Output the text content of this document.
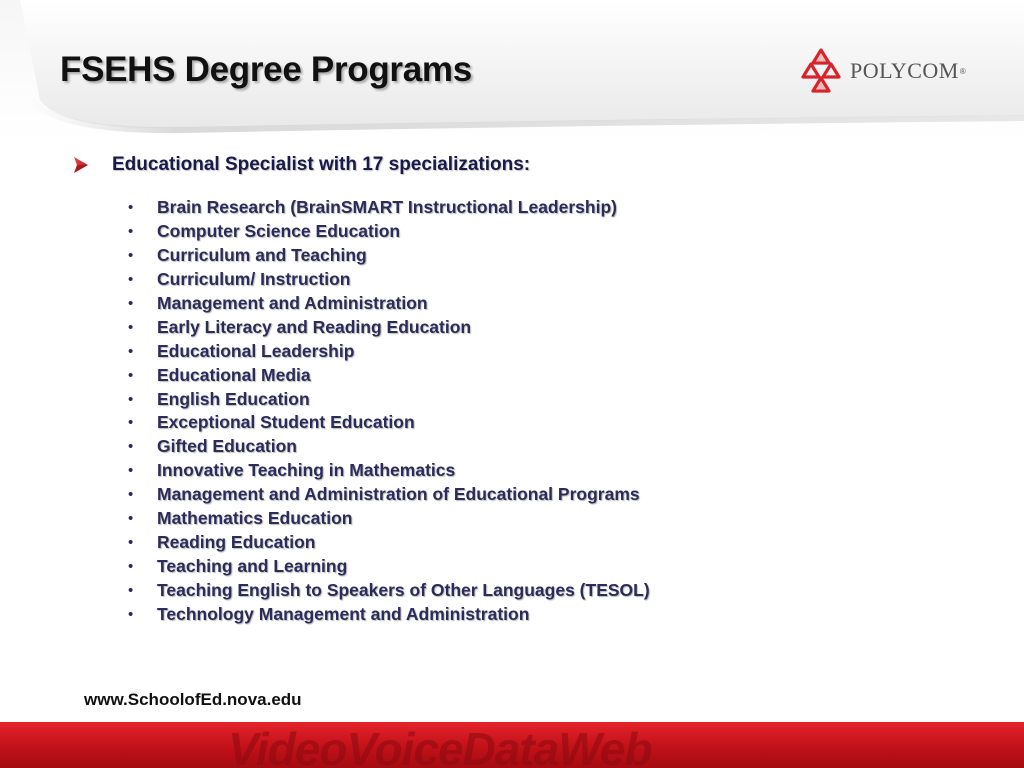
FSEHS Degree Programs	POLYCOM ®
Educational Specialist with 17 specializations:
•	Brain Research (BrainSMART Instructional Leadership)
•	Computer Science Education
•	Curriculum and Teaching
•	Curriculum/ Instruction
•	Management and Administration
•	Early Literacy and Reading Education
•	Educational Leadership
•	Educational Media
•	English Education
•	Exceptional Student Education
•	Gifted Education
•	Innovative Teaching in Mathematics
•	Management and Administration of Educational Programs
•	Mathematics Education
•	Reading Education
•	Teaching and Learning
•	Teaching English to Speakers of Other Languages (TESOL)
•	Technology Management and Administration
www.SchoolofEd.nova.edu
VideoVoiceDataWeb
